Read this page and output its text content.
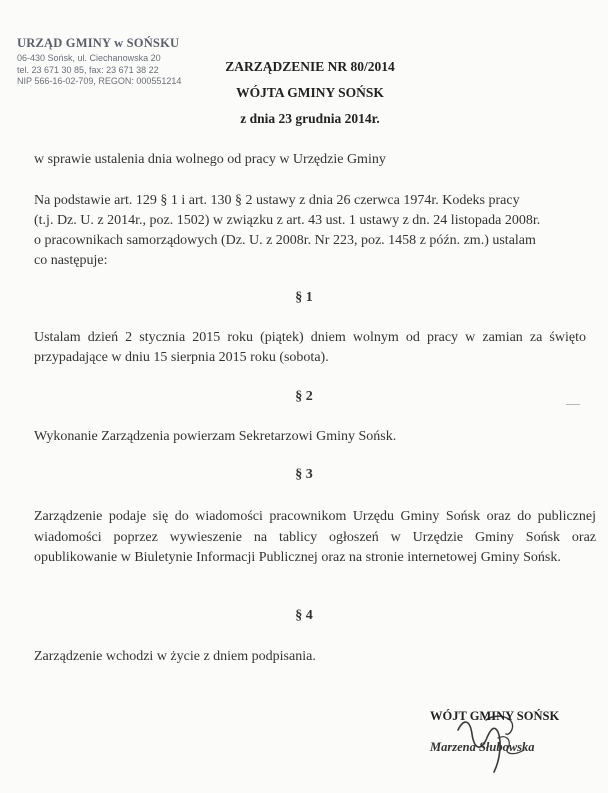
URZĄD GMINY w SOŃSKU
06-430 Sońsk, ul. Ciechanowska 20
tel. 23 671 30 85, fax: 23 671 38 22
NIP 566-16-02-709, REGON: 000551214
ZARZĄDZENIE NR 80/2014
WÓJTA GMINY SOŃSK
z dnia 23 grudnia 2014r.
w sprawie ustalenia dnia wolnego od pracy w Urzędzie Gminy
Na podstawie art. 129 § 1 i art. 130 § 2 ustawy z dnia 26 czerwca 1974r. Kodeks pracy
(t.j. Dz. U. z 2014r., poz. 1502) w związku z art. 43 ust. 1 ustawy z dn. 24 listopada 2008r.
o pracownikach samorządowych (Dz. U. z 2008r. Nr 223, poz. 1458 z późn. zm.) ustalam
co następuje:
§ 1
Ustalam dzień 2 stycznia 2015 roku (piątek) dniem wolnym od pracy w zamian za święto przypadające w dniu 15 sierpnia 2015 roku (sobota).
§ 2
Wykonanie Zarządzenia powierzam Sekretarzowi Gminy Sońsk.
§ 3
Zarządzenie podaje się do wiadomości pracownikom Urzędu Gminy Sońsk oraz do publicznej wiadomości poprzez wywieszenie na tablicy ogłoszeń w Urzędzie Gminy Sońsk oraz opublikowanie w Biuletynie Informacji Publicznej oraz na stronie internetowej Gminy Sońsk.
§ 4
Zarządzenie wchodzi w życie z dniem podpisania.
WÓJT GMINY SOŃSK
Marzena Słubowska
